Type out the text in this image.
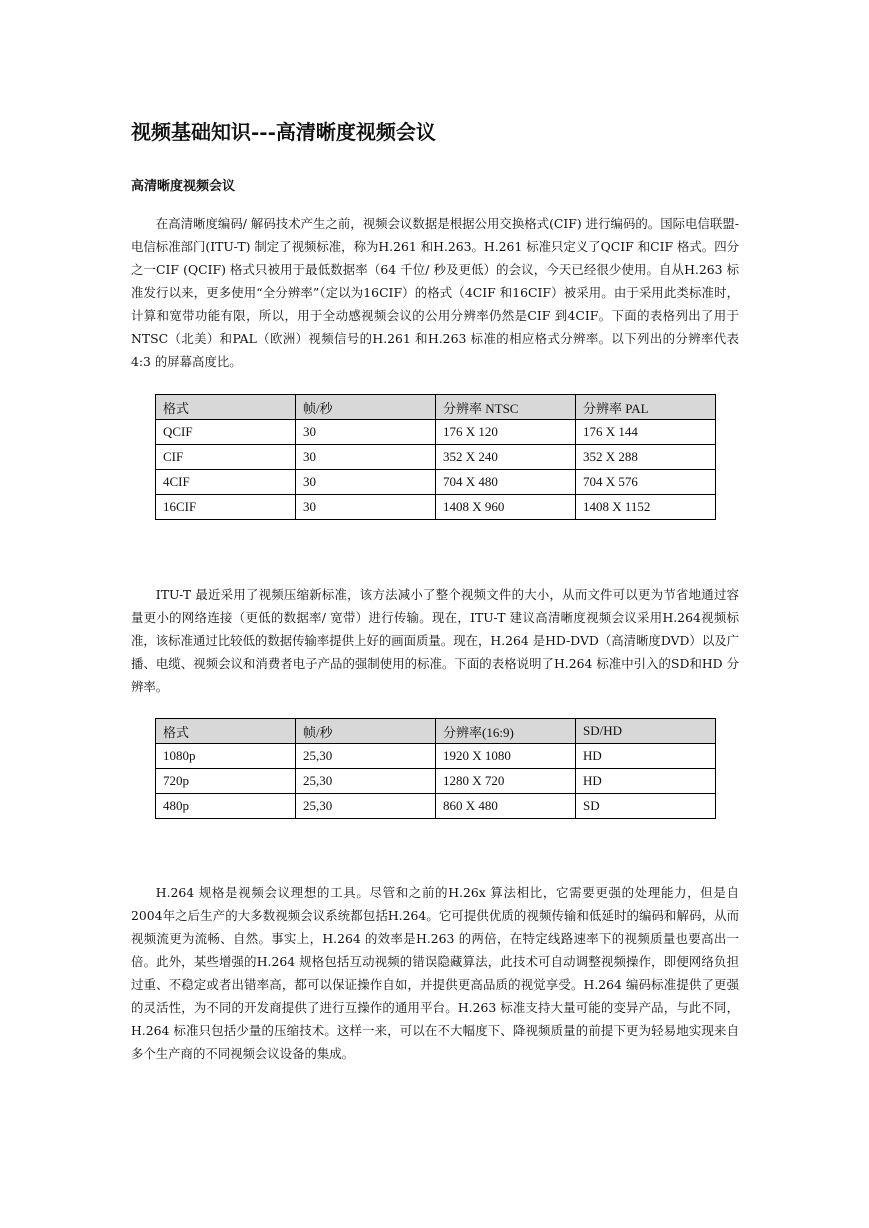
视频基础知识---高清晰度视频会议
高清晰度视频会议
在高清晰度编码/ 解码技术产生之前，视频会议数据是根据公用交换格式(CIF) 进行编码的。国际电信联盟-电信标准部门(ITU-T) 制定了视频标准，称为H.261 和H.263。H.261 标准只定义了QCIF 和CIF 格式。四分之一CIF (QCIF) 格式只被用于最低数据率（64 千位/ 秒及更低）的会议，今天已经很少使用。自从H.263 标准发行以来，更多使用“全分辨率”（定以为16CIF）的格式（4CIF 和16CIF）被采用。由于采用此类标准时，计算和宽带功能有限，所以，用于全动感视频会议的公用分辨率仍然是CIF 到4CIF。下面的表格列出了用于NTSC（北美）和PAL（欧洲）视频信号的H.261 和H.263 标准的相应格式分辨率。以下列出的分辨率代表4:3 的屏幕高度比。
格式	帧/秒	分辨率 NTSC	分辨率 PAL
QCIF	30	176 X 120	176 X 144
CIF	30	352 X 240	352 X 288
4CIF	30	704 X 480	704 X 576
16CIF	30	1408 X 960	1408 X 1152
ITU-T 最近采用了视频压缩新标准，该方法减小了整个视频文件的大小，从而文件可以更为节省地通过容量更小的网络连接（更低的数据率/ 宽带）进行传输。现在，ITU-T 建议高清晰度视频会议采用H.264视频标准，该标准通过比较低的数据传输率提供上好的画面质量。现在，H.264 是HD-DVD（高清晰度DVD）以及广播、电缆、视频会议和消费者电子产品的强制使用的标准。下面的表格说明了H.264 标准中引入的SD和HD 分辨率。
格式	帧/秒	分辨率(16:9)	SD/HD
1080p	25,30	1920 X 1080	HD
720p	25,30	1280 X 720	HD
480p	25,30	860 X 480	SD
H.264 规格是视频会议理想的工具。尽管和之前的H.26x 算法相比，它需要更强的处理能力，但是自2004年之后生产的大多数视频会议系统都包括H.264。它可提供优质的视频传输和低延时的编码和解码，从而视频流更为流畅、自然。事实上，H.264 的效率是H.263 的两倍，在特定线路速率下的视频质量也要高出一倍。此外，某些增强的H.264 规格包括互动视频的错误隐藏算法，此技术可自动调整视频操作，即便网络负担过重、不稳定或者出错率高，都可以保证操作自如，并提供更高品质的视觉享受。H.264 编码标准提供了更强的灵活性，为不同的开发商提供了进行互操作的通用平台。H.263 标准支持大量可能的变异产品，与此不同，H.264 标准只包括少量的压缩技术。这样一来，可以在不大幅度下、降视频质量的前提下更为轻易地实现来自多个生产商的不同视频会议设备的集成。
